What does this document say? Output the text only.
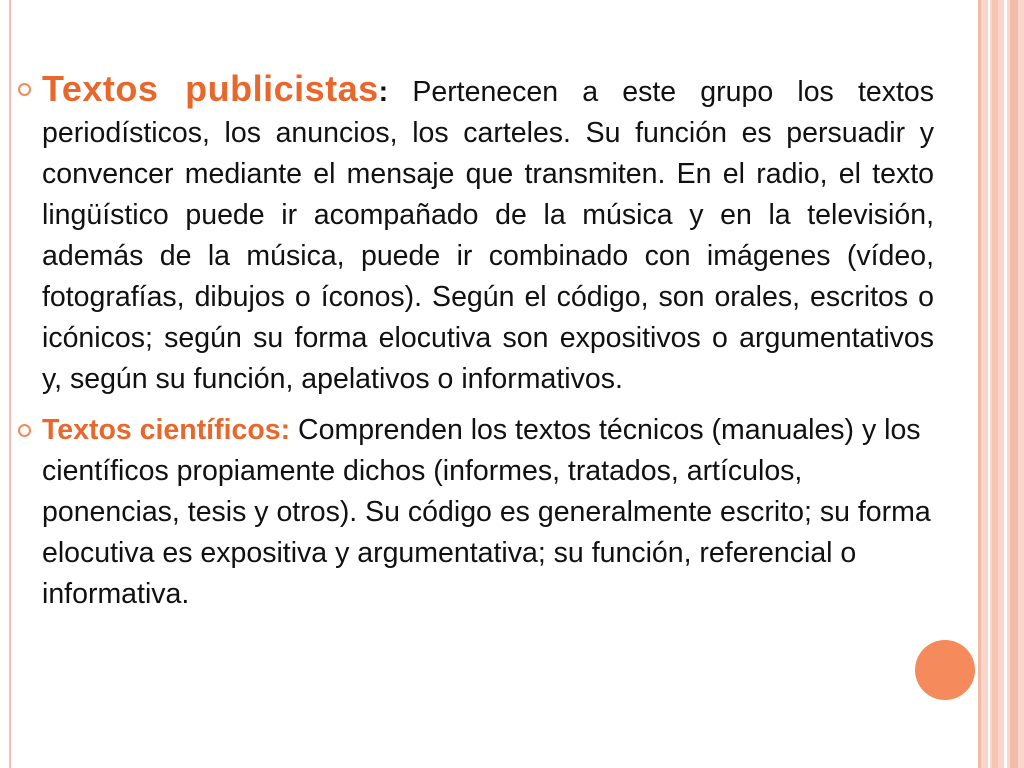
Textos publicistas: Pertenecen a este grupo los textos periodísticos, los anuncios, los carteles. Su función es persuadir y convencer mediante el mensaje que transmiten. En el radio, el texto lingüístico puede ir acompañado de la música y en la televisión, además de la música, puede ir combinado con imágenes (vídeo, fotografías, dibujos o íconos). Según el código, son orales, escritos o icónicos; según su forma elocutiva son expositivos o argumentativos y, según su función, apelativos o informativos.
Textos científicos: Comprenden los textos técnicos (manuales) y los científicos propiamente dichos (informes, tratados, artículos, ponencias, tesis y otros). Su código es generalmente escrito; su forma elocutiva es expositiva y argumentativa; su función, referencial o informativa.
